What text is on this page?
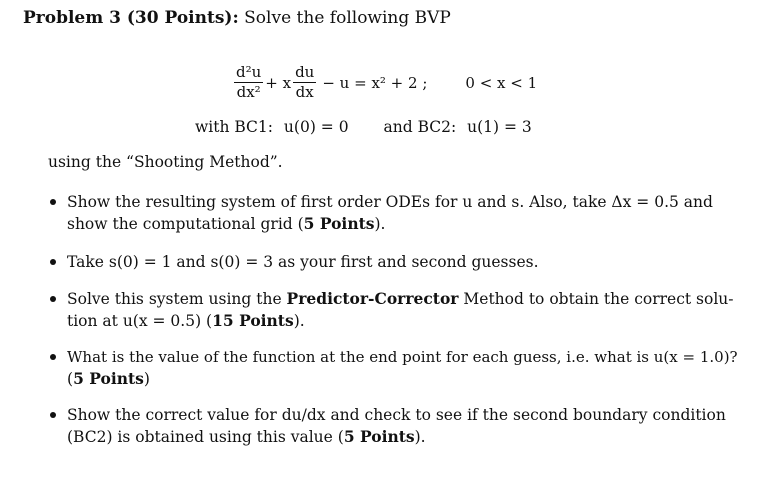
Problem 3 (30 Points): Solve the following BVP
$\frac{\text{d²u}}{\text{dx²}} + x \frac{du}{dx} - u = x^2 + 2$ ;	0 < x < 1
with BC1: u(0) = 0 and BC2: u(1) = 3
using the “Shooting Method”.
Show the resulting system of first order ODEs for u and s. Also, take Δx = 0.5 and
show the computational grid (5 Points).
Take s(0) = 1 and s(0) = 3 as your first and second guesses.
Solve this system using the Predictor-Corrector Method to obtain the correct solu-
tion at u(x = 0.5) (15 Points).
What is the value of the function at the end point for each guess, i.e. what is u(x = 1.0)?
(5 Points)
Show the correct value for du/dx and check to see if the second boundary condition
(BC2) is obtained using this value (5 Points).
